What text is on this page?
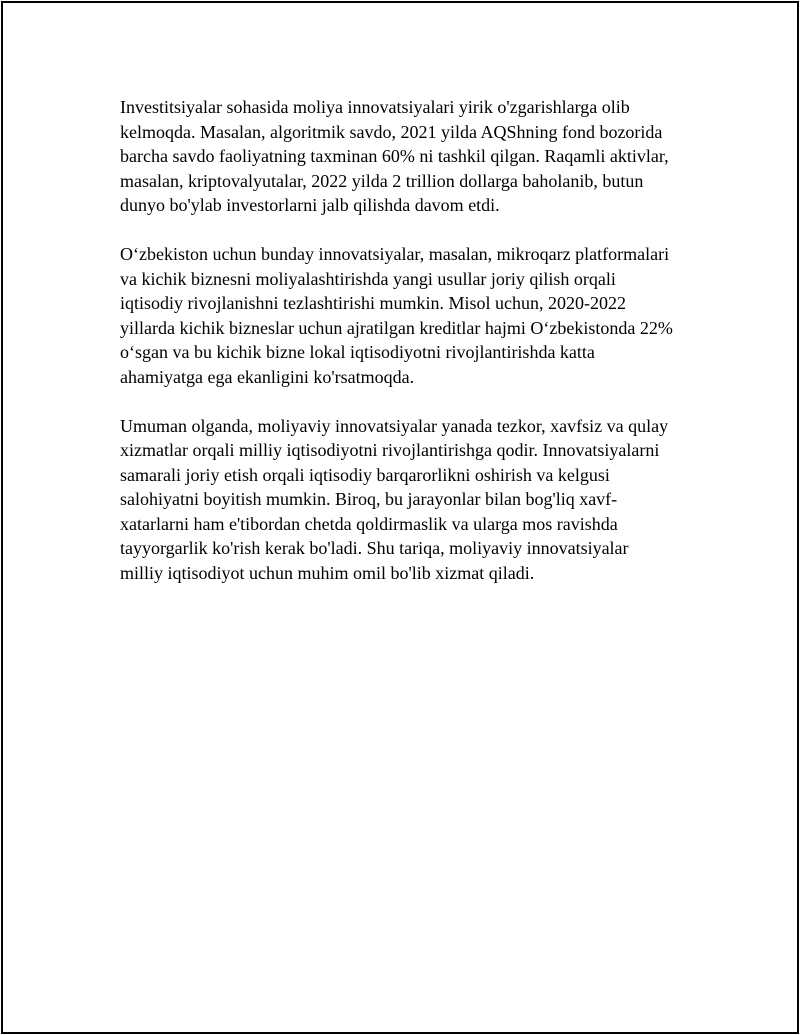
Investitsiyalar sohasida moliya innovatsiyalari yirik o'zgarishlarga olib
kelmoqda. Masalan, algoritmik savdo, 2021 yilda AQShning fond bozorida
barcha savdo faoliyatning taxminan 60% ni tashkil qilgan. Raqamli aktivlar,
masalan, kriptovalyutalar, 2022 yilda 2 trillion dollarga baholanib, butun
dunyo bo'ylab investorlarni jalb qilishda davom etdi.

O‘zbekiston uchun bunday innovatsiyalar, masalan, mikroqarz platformalari
va kichik biznesni moliyalashtirishda yangi usullar joriy qilish orqali
iqtisodiy rivojlanishni tezlashtirishi mumkin. Misol uchun, 2020-2022
yillarda kichik bizneslar uchun ajratilgan kreditlar hajmi O‘zbekistonda 22%
o‘sgan va bu kichik bizne lokal iqtisodiyotni rivojlantirishda katta
ahamiyatga ega ekanligini ko'rsatmoqda.

Umuman olganda, moliyaviy innovatsiyalar yanada tezkor, xavfsiz va qulay
xizmatlar orqali milliy iqtisodiyotni rivojlantirishga qodir. Innovatsiyalarni
samarali joriy etish orqali iqtisodiy barqarorlikni oshirish va kelgusi
salohiyatni boyitish mumkin. Biroq, bu jarayonlar bilan bog'liq xavf-
xatarlarni ham e'tibordan chetda qoldirmaslik va ularga mos ravishda
tayyorgarlik ko'rish kerak bo'ladi. Shu tariqa, moliyaviy innovatsiyalar
milliy iqtisodiyot uchun muhim omil bo'lib xizmat qiladi.
